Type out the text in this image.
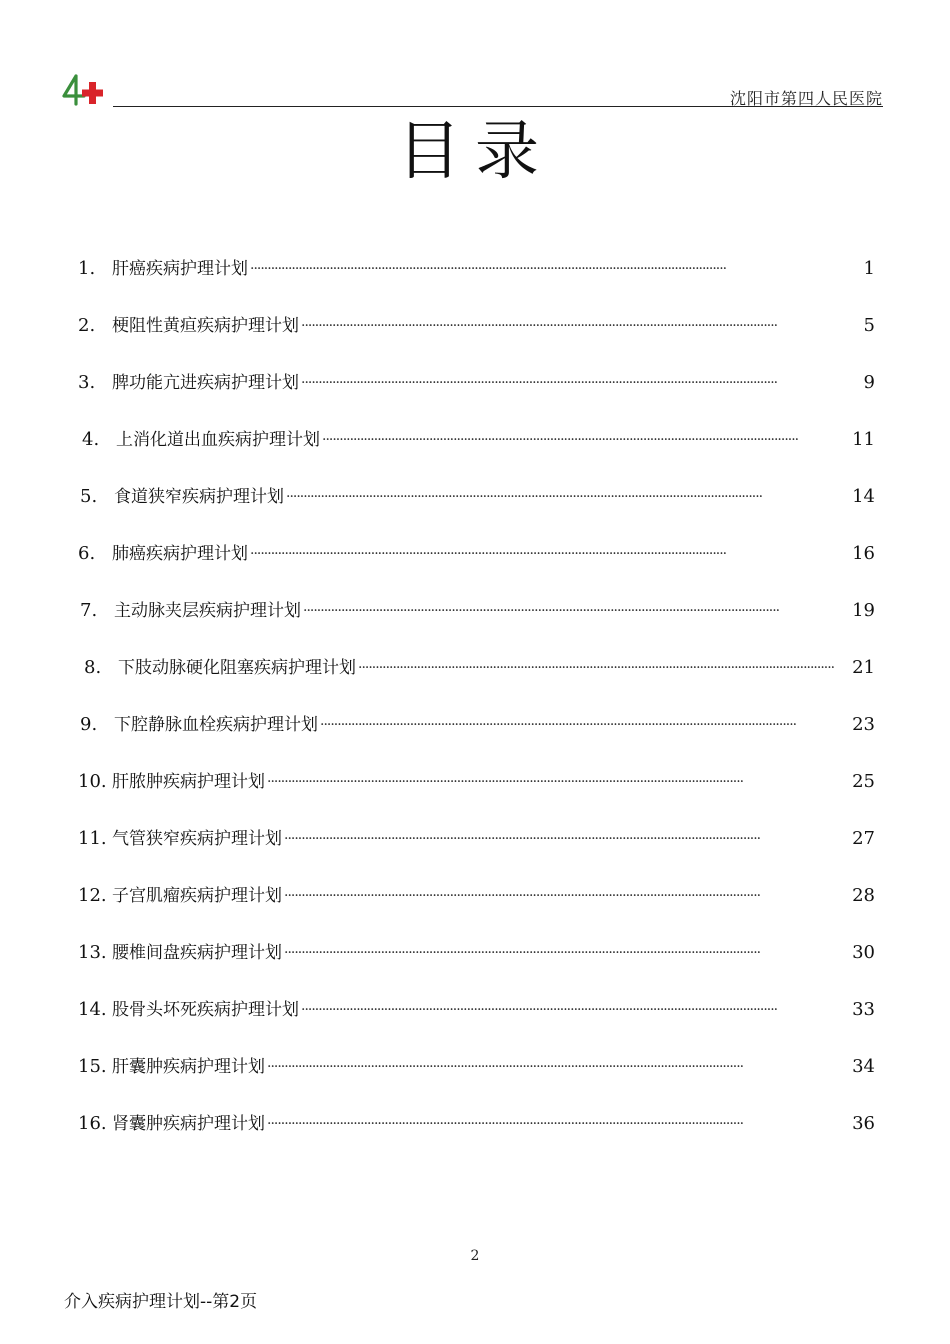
沈阳市第四人民医院
目录
1. 肝癌疾病护理计划 ·····	1
2. 梗阻性黄疸疾病护理计划 ·····	5
3. 脾功能亢进疾病护理计划 ·····	9
4. 上消化道出血疾病护理计划 ·····	11
5. 食道狭窄疾病护理计划 ·····	14
6. 肺癌疾病护理计划 ·····	16
7. 主动脉夹层疾病护理计划 ·····	19
8. 下肢动脉硬化阻塞疾病护理计划 ·····	21
9. 下腔静脉血栓疾病护理计划 ·····	23
10. 肝脓肿疾病护理计划 ·····	25
11. 气管狭窄疾病护理计划 ·····	27
12. 子宫肌瘤疾病护理计划 ·····	28
13. 腰椎间盘疾病护理计划 ·····	30
14. 股骨头坏死疾病护理计划 ·····	33
15. 肝囊肿疾病护理计划 ·····	34
16. 肾囊肿疾病护理计划 ·····	36
2
介入疾病护理计划--第2页
